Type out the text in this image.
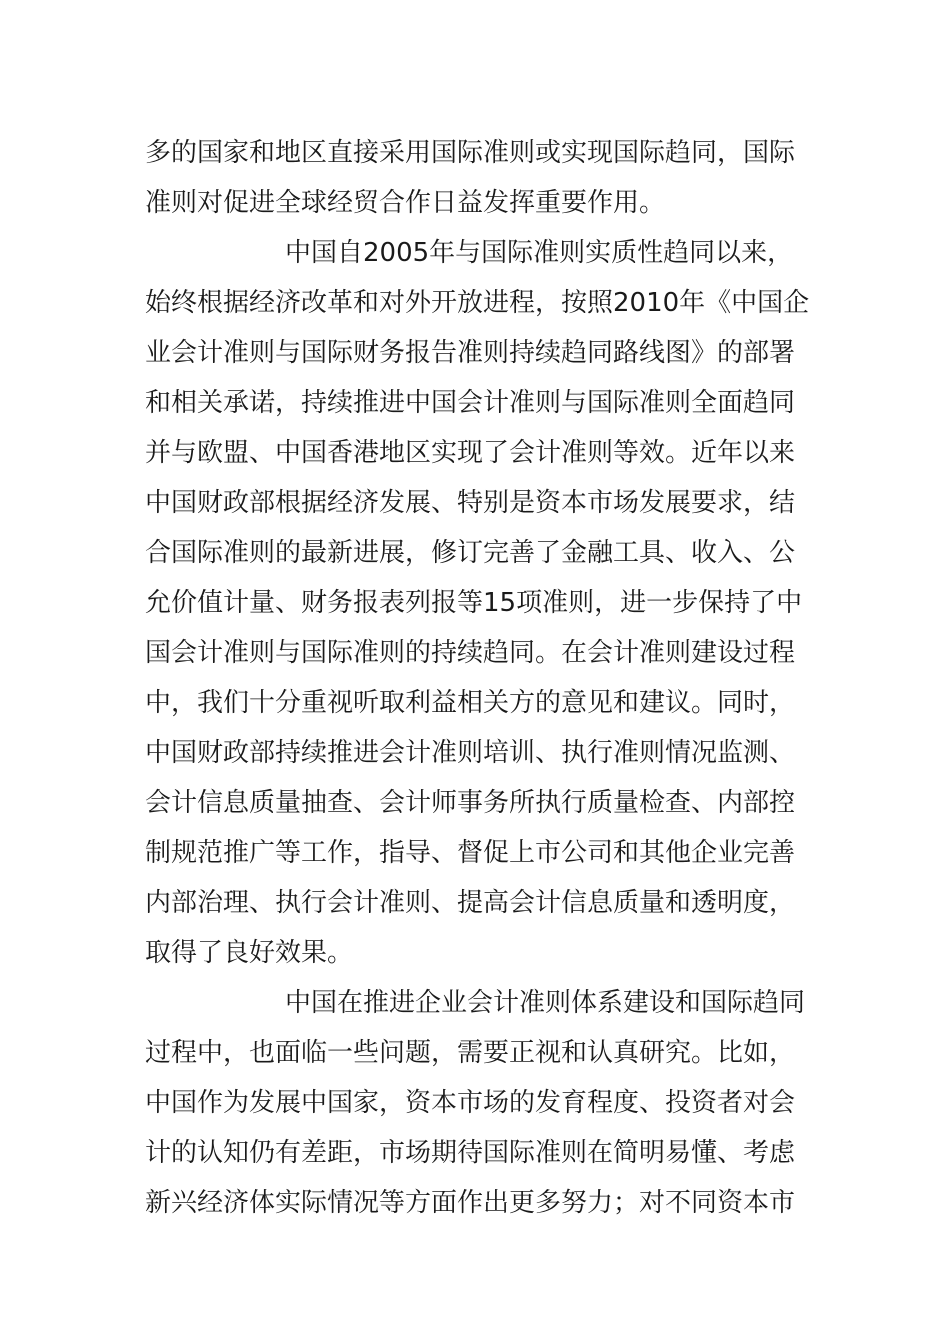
多的国家和地区直接采用国际准则或实现国际趋同，国际
准则对促进全球经贸合作日益发挥重要作用。
中国自2005年与国际准则实质性趋同以来，
始终根据经济改革和对外开放进程，按照2010年《中国企
业会计准则与国际财务报告准则持续趋同路线图》的部署
和相关承诺，持续推进中国会计准则与国际准则全面趋同
并与欧盟、中国香港地区实现了会计准则等效。近年以来
中国财政部根据经济发展、特别是资本市场发展要求，结
合国际准则的最新进展，修订完善了金融工具、收入、公
允价值计量、财务报表列报等15项准则，进一步保持了中
国会计准则与国际准则的持续趋同。在会计准则建设过程
中，我们十分重视听取利益相关方的意见和建议。同时，
中国财政部持续推进会计准则培训、执行准则情况监测、
会计信息质量抽查、会计师事务所执行质量检查、内部控
制规范推广等工作，指导、督促上市公司和其他企业完善
内部治理、执行会计准则、提高会计信息质量和透明度，
取得了良好效果。
中国在推进企业会计准则体系建设和国际趋同
过程中，也面临一些问题，需要正视和认真研究。比如，
中国作为发展中国家，资本市场的发育程度、投资者对会
计的认知仍有差距，市场期待国际准则在简明易懂、考虑
新兴经济体实际情况等方面作出更多努力；对不同资本市
